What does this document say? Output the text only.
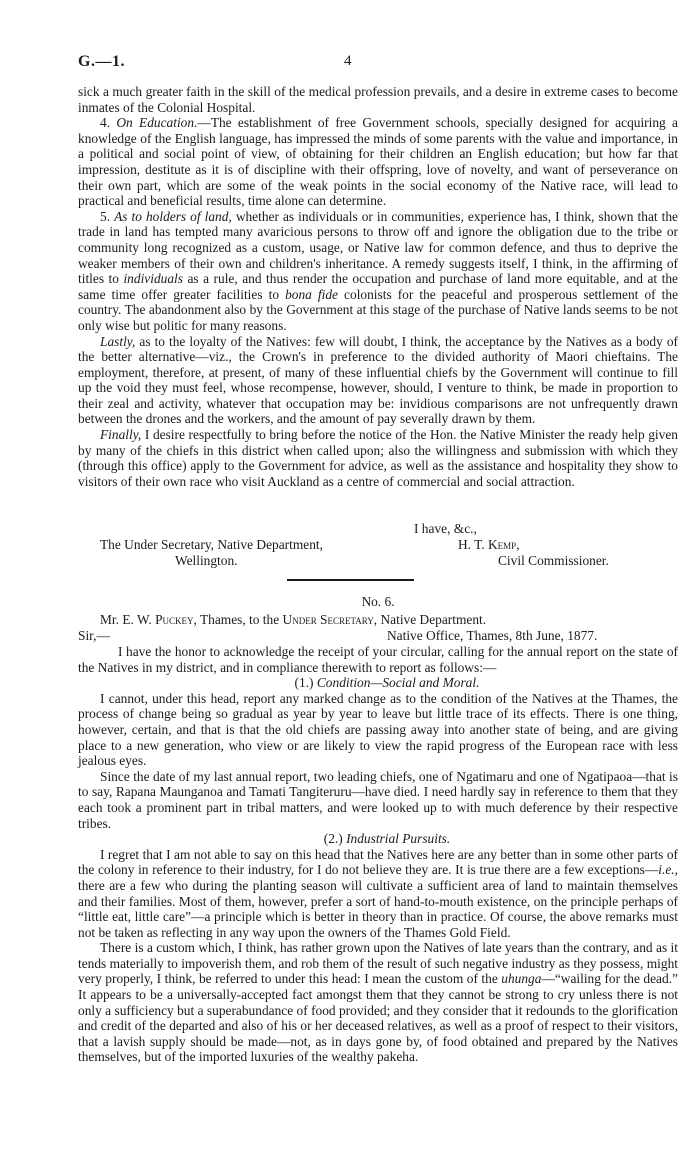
G.—1.	4

sick a much greater faith in the skill of the medical profession prevails, and a desire in extreme cases to become inmates of the Colonial Hospital.

4. On Education.—The establishment of free Government schools, specially designed for acquiring a knowledge of the English language, has impressed the minds of some parents with the value and importance, in a political and social point of view, of obtaining for their children an English education; but how far that impression, destitute as it is of discipline with their offspring, love of novelty, and want of perseverance on their own part, which are some of the weak points in the social economy of the Native race, will lead to practical and beneficial results, time alone can determine.

5. As to holders of land, whether as individuals or in communities, experience has, I think, shown that the trade in land has tempted many avaricious persons to throw off and ignore the obligation due to the tribe or community long recognized as a custom, usage, or Native law for common defence, and thus to deprive the weaker members of their own and children's inheritance. A remedy suggests itself, I think, in the affirming of titles to individuals as a rule, and thus render the occupation and purchase of land more equitable, and at the same time offer greater facilities to bona fide colonists for the peaceful and prosperous settlement of the country. The abandonment also by the Government at this stage of the purchase of Native lands seems to be not only wise but politic for many reasons.

Lastly, as to the loyalty of the Natives: few will doubt, I think, the acceptance by the Natives as a body of the better alternative—viz., the Crown's in preference to the divided authority of Maori chieftains. The employment, therefore, at present, of many of these influential chiefs by the Government will continue to fill up the void they must feel, whose recompense, however, should, I venture to think, be made in proportion to their zeal and activity, whatever that occupation may be: invidious comparisons are not unfrequently drawn between the drones and the workers, and the amount of pay severally drawn by them.

Finally, I desire respectfully to bring before the notice of the Hon. the Native Minister the ready help given by many of the chiefs in this district when called upon; also the willingness and submission with which they (through this office) apply to the Government for advice, as well as the assistance and hospitality they show to visitors of their own race who visit Auckland as a centre of commercial and social attraction.

I have, &c.,
The Under Secretary, Native Department,	H. T. Kemp,
Wellington.	Civil Commissioner.
No. 6.
Mr. E. W. Puckey, Thames, to the Under Secretary, Native Department.
Sir,—	Native Office, Thames, 8th June, 1877.

I have the honor to acknowledge the receipt of your circular, calling for the annual report on the state of the Natives in my district, and in compliance therewith to report as follows:—

(1.) Condition—Social and Moral.

I cannot, under this head, report any marked change as to the condition of the Natives at the Thames, the process of change being so gradual as year by year to leave but little trace of its effects. There is one thing, however, certain, and that is that the old chiefs are passing away into another state of being, and are giving place to a new generation, who view or are likely to view the rapid progress of the European race with less jealous eyes.

Since the date of my last annual report, two leading chiefs, one of Ngatimaru and one of Ngatipaoa—that is to say, Rapana Maunganoa and Tamati Tangiteruru—have died. I need hardly say in reference to them that they each took a prominent part in tribal matters, and were looked up to with much deference by their respective tribes.

(2.) Industrial Pursuits.

I regret that I am not able to say on this head that the Natives here are any better than in some other parts of the colony in reference to their industry, for I do not believe they are. It is true there are a few exceptions—i.e., there are a few who during the planting season will cultivate a sufficient area of land to maintain themselves and their families. Most of them, however, prefer a sort of hand-to-mouth existence, on the principle perhaps of “little eat, little care”—a principle which is better in theory than in practice. Of course, the above remarks must not be taken as reflecting in any way upon the owners of the Thames Gold Field.

There is a custom which, I think, has rather grown upon the Natives of late years than the contrary, and as it tends materially to impoverish them, and rob them of the result of such negative industry as they possess, might very properly, I think, be referred to under this head: I mean the custom of the uhunga—“wailing for the dead.” It appears to be a universally-accepted fact amongst them that they cannot be strong to cry unless there is not only a sufficiency but a superabundance of food provided; and they consider that it redounds to the glorification and credit of the departed and also of his or her deceased relatives, as well as a proof of respect to their visitors, that a lavish supply should be made—not, as in days gone by, of food obtained and prepared by the Natives themselves, but of the imported luxuries of the wealthy pakeha.
